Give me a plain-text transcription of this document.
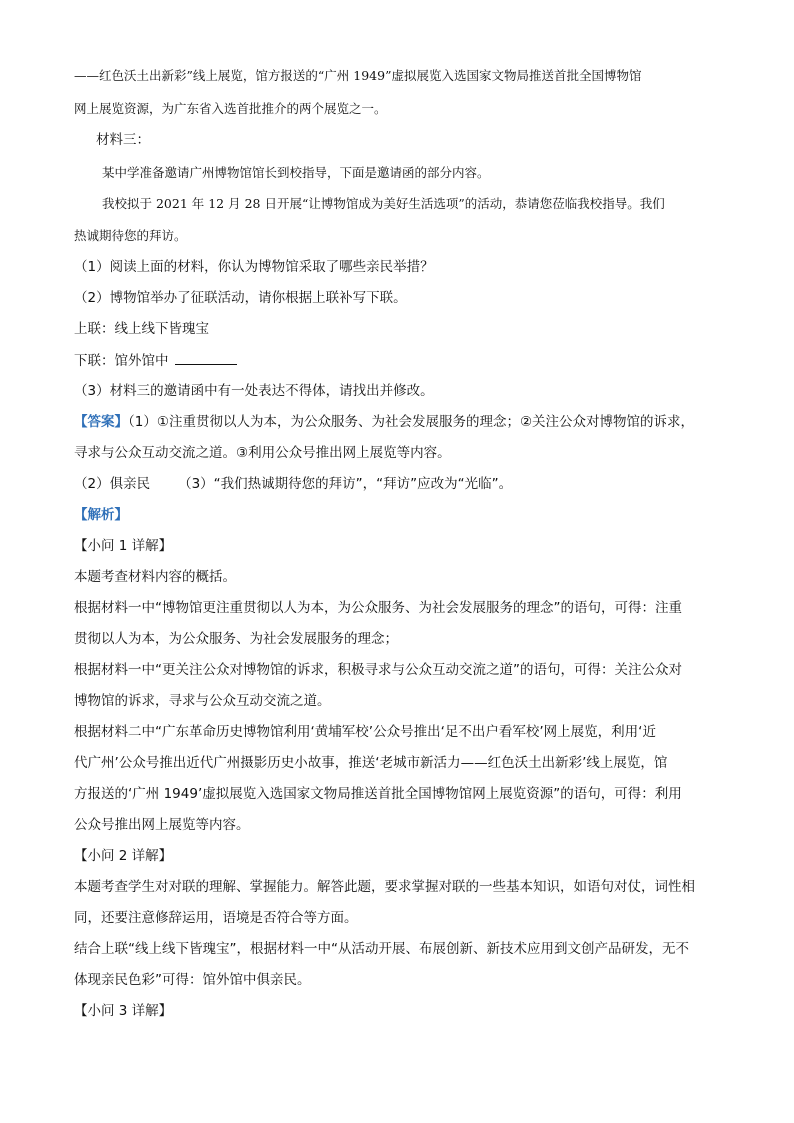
——红色沃土出新彩”线上展览，馆方报送的“广州 1949”虚拟展览入选国家文物局推送首批全国博物馆
网上展览资源，为广东省入选首批推介的两个展览之一。
材料三：
某中学准备邀请广州博物馆馆长到校指导，下面是邀请函的部分内容。
我校拟于 2021 年 12 月 28 日开展“让博物馆成为美好生活选项”的活动，恭请您莅临我校指导。我们
热诚期待您的拜访。
（1）阅读上面的材料，你认为博物馆采取了哪些亲民举措？
（2）博物馆举办了征联活动，请你根据上联补写下联。
上联：线上线下皆瑰宝
下联：馆外馆中
（3）材料三的邀请函中有一处表达不得体，请找出并修改。
【答案】（1）①注重贯彻以人为本，为公众服务、为社会发展服务的理念；②关注公众对博物馆的诉求，
寻求与公众互动交流之道。③利用公众号推出网上展览等内容。
（2）俱亲民 （3）“我们热诚期待您的拜访”，“拜访”应改为“光临”。
【解析】
【小问 1 详解】
本题考查材料内容的概括。
根据材料一中“博物馆更注重贯彻以人为本，为公众服务、为社会发展服务的理念”的语句，可得：注重
贯彻以人为本，为公众服务、为社会发展服务的理念；
根据材料一中“更关注公众对博物馆的诉求，积极寻求与公众互动交流之道”的语句，可得：关注公众对
博物馆的诉求，寻求与公众互动交流之道。
根据材料二中“广东革命历史博物馆利用‘黄埔军校’公众号推出‘足不出户看军校’网上展览，利用‘近
代广州’公众号推出近代广州摄影历史小故事，推送‘老城市新活力——红色沃土出新彩’线上展览，馆
方报送的‘广州 1949’虚拟展览入选国家文物局推送首批全国博物馆网上展览资源”的语句，可得：利用
公众号推出网上展览等内容。
【小问 2 详解】
本题考查学生对对联的理解、掌握能力。解答此题，要求掌握对联的一些基本知识，如语句对仗，词性相
同，还要注意修辞运用，语境是否符合等方面。
结合上联“线上线下皆瑰宝”，根据材料一中“从活动开展、布展创新、新技术应用到文创产品研发，无不
体现亲民色彩”可得：馆外馆中俱亲民。
【小问 3 详解】
